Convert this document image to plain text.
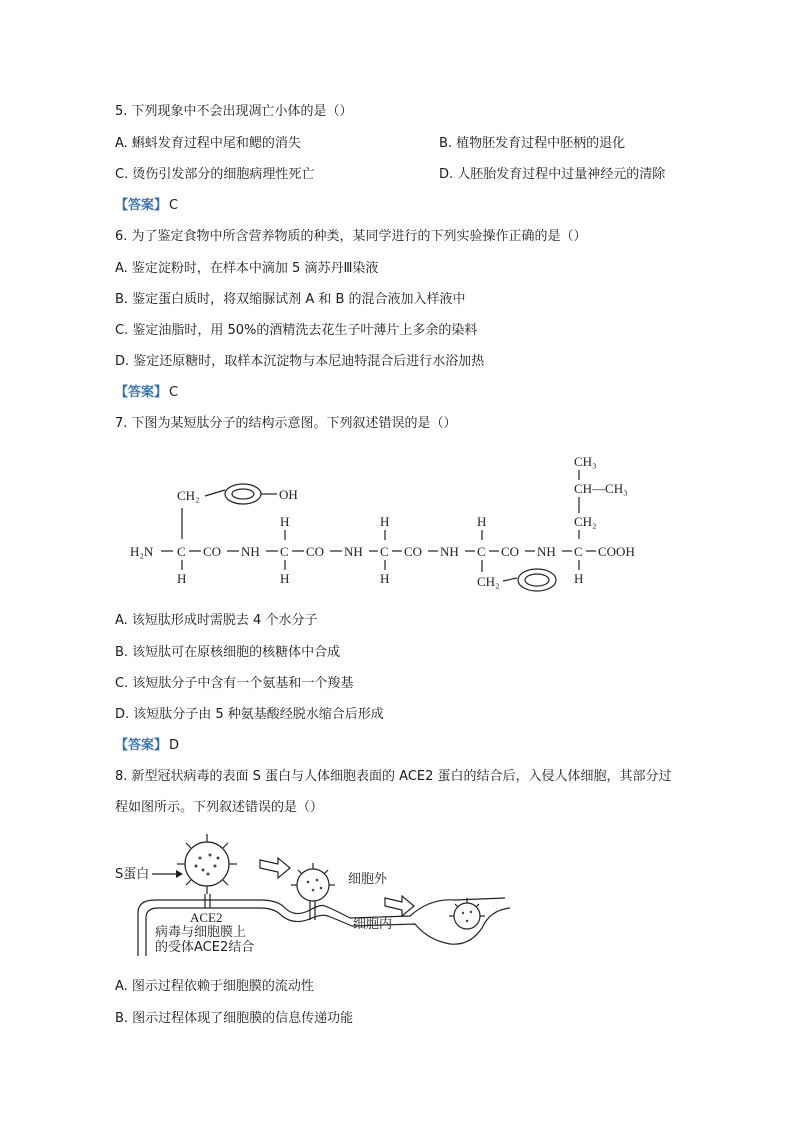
5. 下列现象中不会出现凋亡小体的是（）
A. 蝌蚪发育过程中尾和鳃的消失	B. 植物胚发育过程中胚柄的退化
C. 烫伤引发部分的细胞病理性死亡	D. 人胚胎发育过程中过量神经元的清除
【答案】 C
6. 为了鉴定食物中所含营养物质的种类，某同学进行的下列实验操作正确的是（）
A. 鉴定淀粉时，在样本中滴加 5 滴苏丹Ⅲ染液
B. 鉴定蛋白质时，将双缩脲试剂 A 和 B 的混合液加入样液中
C. 鉴定油脂时，用 50%的酒精洗去花生子叶薄片上多余的染料
D. 鉴定还原糖时，取样本沉淀物与本尼迪特混合后进行水浴加热
【答案】 C
7. 下图为某短肽分子的结构示意图。下列叙述错误的是（）
H₂N C CO NH C CO NH C CO NH C CO NH C COOH
CH₂	OH
H
H
H
H
H
H
CH₂
CH₂
CH—CH₃
CH₃
H
A. 该短肽形成时需脱去 4 个水分子
B. 该短肽可在原核细胞的核糖体中合成
C. 该短肽分子中含有一个氨基和一个羧基
D. 该短肽分子由 5 种氨基酸经脱水缩合后形成
【答案】 D
8. 新型冠状病毒的表面 S 蛋白与人体细胞表面的 ACE2 蛋白的结合后，入侵人体细胞，其部分过
程如图所示。下列叙述错误的是（）
S蛋白
ACE2
病毒与细胞膜上
的受体ACE2结合
细胞外
细胞内
A. 图示过程依赖于细胞膜的流动性
B. 图示过程体现了细胞膜的信息传递功能
